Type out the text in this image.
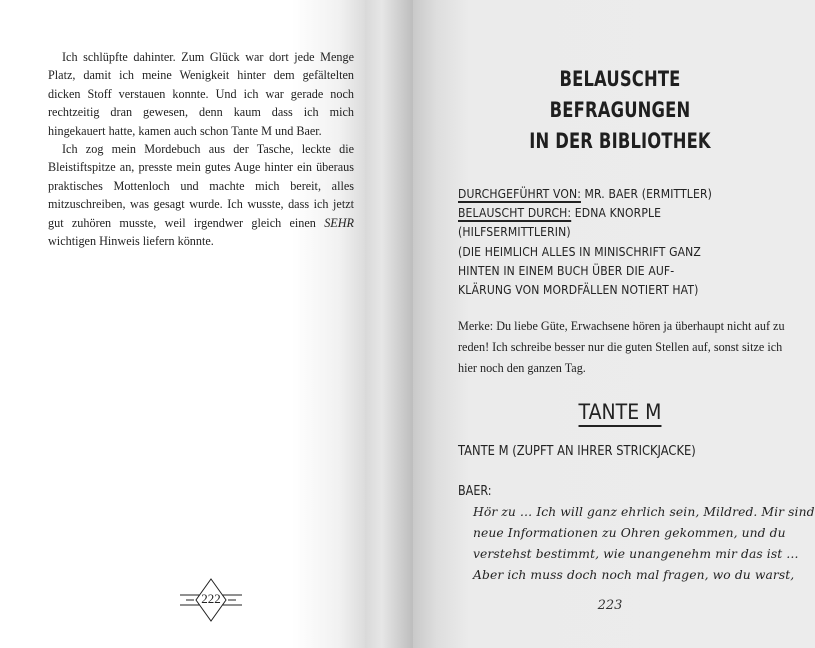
Ich schlüpfte dahinter. Zum Glück war dort jede Menge Platz, damit ich meine Wenigkeit hinter dem gefältelten dicken Stoff verstauen konnte. Und ich war gerade noch rechtzeitig dran gewesen, denn kaum dass ich mich hingekauert hatte, kamen auch schon Tante M und Baer.

Ich zog mein Mordebuch aus der Tasche, leckte die Bleistiftspitze an, presste mein gutes Auge hinter ein überaus praktisches Mottenloch und machte mich bereit, alles mitzuschreiben, was gesagt wurde. Ich wusste, dass ich jetzt gut zuhören musste, weil irgendwer gleich einen SEHR wichtigen Hinweis liefern könnte.

222
BELAUSCHTE BEFRAGUNGEN
IN DER BIBLIOTHEK
DURCHGEFÜHRT VON: MR. BAER (ERMITTLER)
BELAUSCHT DURCH: EDNA KNORPLE
(HILFSERMITTLERIN)
(DIE HEIMLICH ALLES IN MINISCHRIFT GANZ
HINTEN IN EINEM BUCH ÜBER DIE AUF-
KLÄRUNG VON MORDFÄLLEN NOTIERT HAT)
Merke: Du liebe Güte, Erwachsene hören ja überhaupt nicht auf zu reden! Ich schreibe besser nur die guten Stellen auf, sonst sitze ich hier noch den ganzen Tag.
TANTE M
TANTE M (ZUPFT AN IHRER STRICKJACKE)
BAER:
Hör zu … Ich will ganz ehrlich sein, Mildred. Mir sind
neue Informationen zu Ohren gekommen, und du
verstehst bestimmt, wie unangenehm mir das ist …
Aber ich muss doch noch mal fragen, wo du warst,
223
